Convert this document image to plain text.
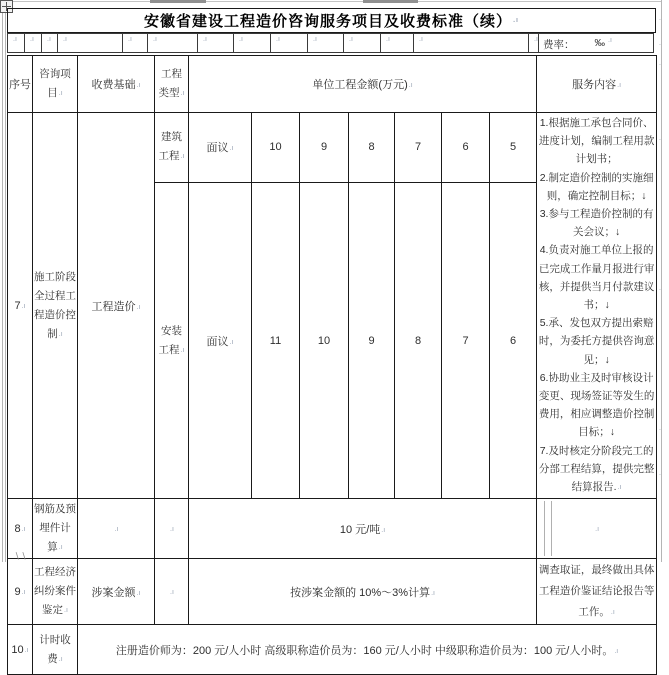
安徽省建设工程造价咨询服务项目及收费标准（续） .ı
.ı	.ı	.ı	.ı	.ı	.ı	.ı	.ı	.ı	.ı	.ı	.ı	.ı	.ı 费率： ‰ .ı
序号	咨询项目.ı	收费基础.ı	工程类型.ı	单位工程金额(万元).ı							服务内容.ı
7.ı	施工阶段全过程工程造价控制.ı	工程造价.ı	建筑工程.ı	面议.ı	10	9	8	7	6	5	
1.根据施工承包合同价、进度计划，编制工程用款计划书；
2.制定造价控制的实施细则，确定控制目标；↓
3.参与工程造价控制的有关会议；↓
4.负责对施工单位上报的已完成工作量月报进行审核，并提供当月付款建议书；↓
5.承、发包双方提出索赔时，为委托方提供咨询意见；↓
6.协助业主及时审核设计变更、现场签证等发生的费用，相应调整造价控制目标；↓
7.及时核定分阶段完工的分部工程结算，提供完整结算报告..ı

			安装工程.ı	面议.ı	11	10	9	8	7	6	
8.ı	钢筋及预埋件计算.ı	.ı	.ı	10 元/吨.ı							.ı
9.ı	工程经济纠纷案件鉴定.ı	涉案金额.ı	.ı	按涉案金额的 10%～3%计算.ı							调查取证，最终做出具体工程造价鉴证结论报告等工作。.ı
10.ı	计时收费.ı	注册造价师为：200 元/人小时 高级职称造价员为：160 元/人小时 中级职称造价员为：100 元/人小时。.ı									
.
.
.
.
.
.
.
∖∖
